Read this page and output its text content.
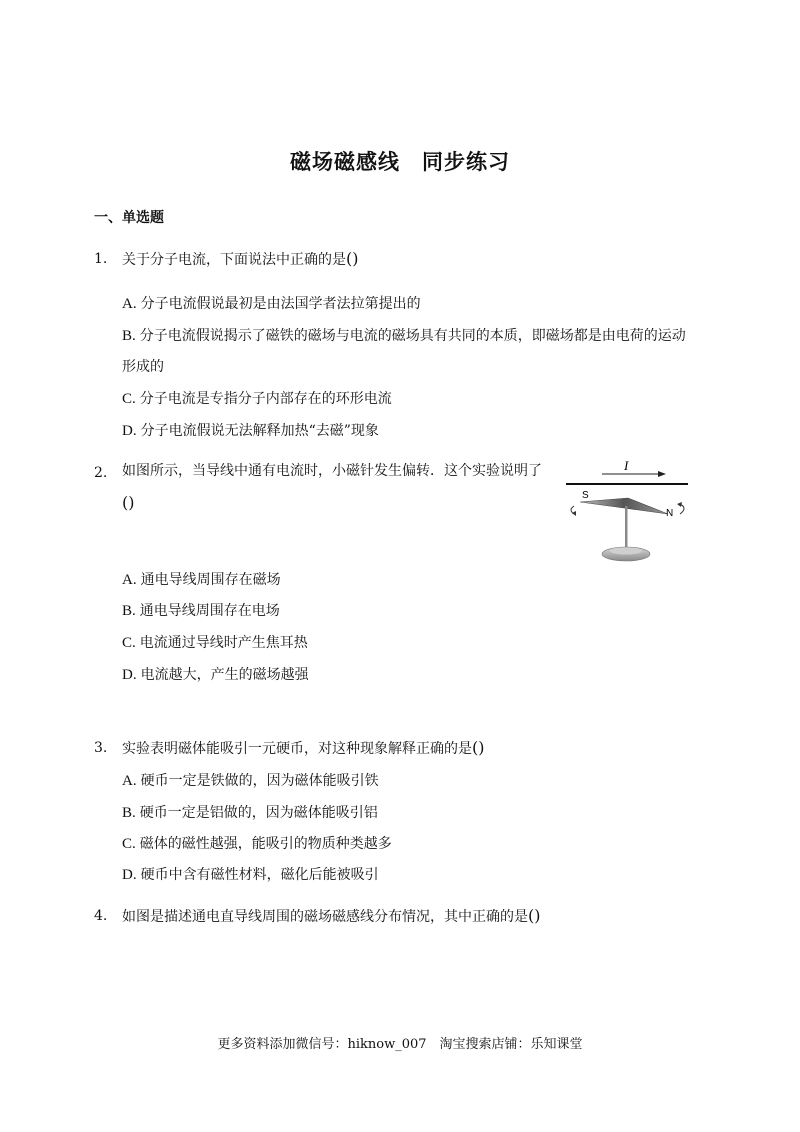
磁场磁感线　同步练习
一、单选题
1. 关于分子电流，下面说法中正确的是()
A. 分子电流假说最初是由法国学者法拉第提出的
B. 分子电流假说揭示了磁铁的磁场与电流的磁场具有共同的本质，即磁场都是由电荷的运动
形成的
C. 分子电流是专指分子内部存在的环形电流
D. 分子电流假说无法解释加热“去磁”现象
2. 如图所示，当导线中通有电流时，小磁针发生偏转．这个实验说明了
()
I
S
N
A. 通电导线周围存在磁场
B. 通电导线周围存在电场
C. 电流通过导线时产生焦耳热
D. 电流越大，产生的磁场越强
3. 实验表明磁体能吸引一元硬币，对这种现象解释正确的是()
A. 硬币一定是铁做的，因为磁体能吸引铁
B. 硬币一定是铝做的，因为磁体能吸引铝
C. 磁体的磁性越强，能吸引的物质种类越多
D. 硬币中含有磁性材料，磁化后能被吸引
4. 如图是描述通电直导线周围的磁场磁感线分布情况，其中正确的是()
更多资料添加微信号：hiknow_007　淘宝搜索店铺：乐知课堂
